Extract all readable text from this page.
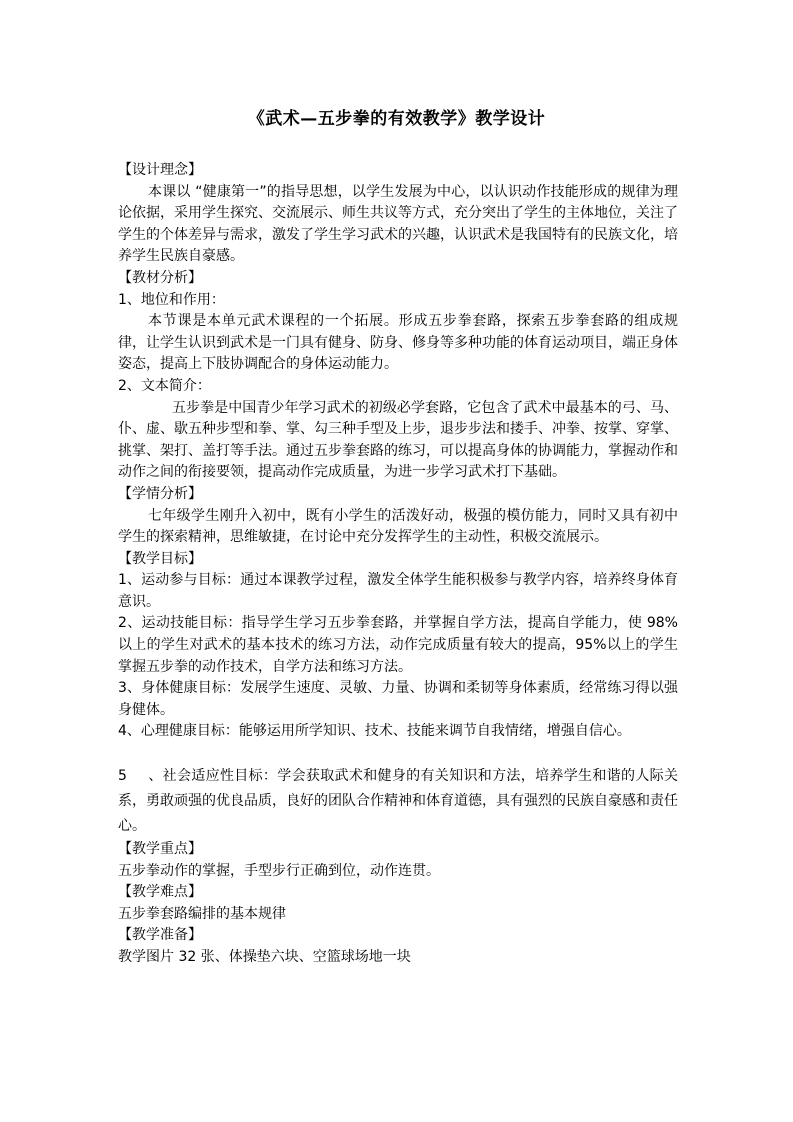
《武术—五步拳的有效教学》教学设计

【设计理念】

本课以 “健康第一”的指导思想，以学生发展为中心，以认识动作技能形成的规律为理论依据，采用学生探究、交流展示、师生共议等方式，充分突出了学生的主体地位，关注了学生的个体差异与需求，激发了学生学习武术的兴趣，认识武术是我国特有的民族文化，培养学生民族自豪感。

【教材分析】

1、地位和作用：

本节课是本单元武术课程的一个拓展。形成五步拳套路，探索五步拳套路的组成规律，让学生认识到武术是一门具有健身、防身、修身等多种功能的体育运动项目，端正身体姿态，提高上下肢协调配合的身体运动能力。

2、文本简介：

五步拳是中国青少年学习武术的初级必学套路，它包含了武术中最基本的弓、马、仆、虚、歇五种步型和拳、掌、勾三种手型及上步，退步步法和搂手、冲拳、按掌、穿掌、挑掌、架打、盖打等手法。通过五步拳套路的练习，可以提高身体的协调能力，掌握动作和动作之间的衔接要领，提高动作完成质量，为进一步学习武术打下基础。

【学情分析】

七年级学生刚升入初中，既有小学生的活泼好动，极强的模仿能力，同时又具有初中学生的探索精神，思维敏捷，在讨论中充分发挥学生的主动性，积极交流展示。

【教学目标】

1、运动参与目标：通过本课教学过程，激发全体学生能积极参与教学内容，培养终身体育意识。

2、运动技能目标：指导学生学习五步拳套路，并掌握自学方法，提高自学能力，使 98%以上的学生对武术的基本技术的练习方法，动作完成质量有较大的提高，95%以上的学生掌握五步拳的动作技术，自学方法和练习方法。

3、身体健康目标：发展学生速度、灵敏、力量、协调和柔韧等身体素质，经常练习得以强身健体。

4、心理健康目标：能够运用所学知识、技术、技能来调节自我情绪，增强自信心。

5 、社会适应性目标：学会获取武术和健身的有关知识和方法，培养学生和谐的人际关系，勇敢顽强的优良品质，良好的团队合作精神和体育道德，具有强烈的民族自豪感和责任心。

【教学重点】

五步拳动作的掌握，手型步行正确到位，动作连贯。

【教学难点】

五步拳套路编排的基本规律

【教学准备】

教学图片 32 张、体操垫六块、空篮球场地一块
